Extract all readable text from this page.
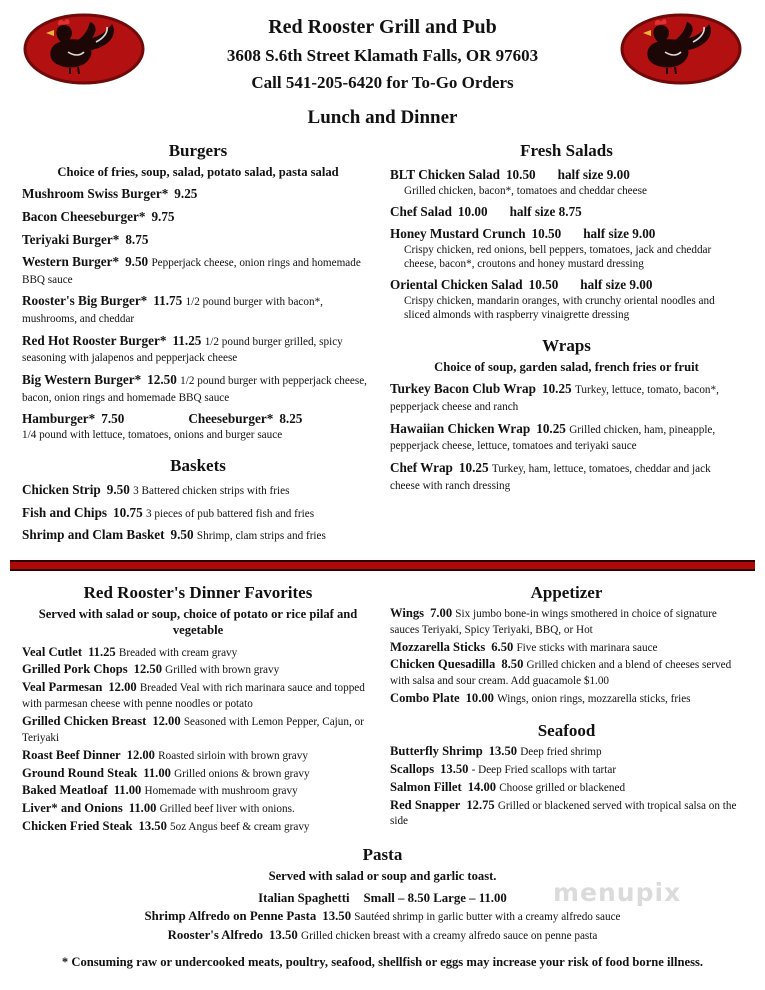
Red Rooster Grill and Pub
3608 S.6th Street Klamath Falls, OR 97603
Call 541-205-6420 for To-Go Orders
Lunch and Dinner
Burgers

Choice of fries, soup, salad, potato salad, pasta salad

Mushroom Swiss Burger* 9.25

Bacon Cheeseburger* 9.75

Teriyaki Burger* 8.75

Western Burger* 9.50 Pepperjack cheese, onion rings and homemade BBQ sauce

Rooster's Big Burger* 11.75 1/2 pound burger with bacon*, mushrooms, and cheddar

Red Hot Rooster Burger* 11.25 1/2 pound burger grilled, spicy seasoning with jalapenos and pepperjack cheese

Big Western Burger* 12.50 1/2 pound burger with pepperjack cheese, bacon, onion rings and homemade BBQ sauce

Hamburger* 7.50	Cheeseburger* 8.25
1/4 pound with lettuce, tomatoes, onions and burger sauce

Baskets

Chicken Strip 9.50 3 Battered chicken strips with fries

Fish and Chips 10.75 3 pieces of pub battered fish and fries

Shrimp and Clam Basket 9.50 Shrimp, clam strips and fries

Fresh Salads

BLT Chicken Salad 10.50 half size 9.00
Grilled chicken, bacon*, tomatoes and cheddar cheese

Chef Salad 10.00 half size 8.75

Honey Mustard Crunch 10.50 half size 9.00
Crispy chicken, red onions, bell peppers, tomatoes, jack and cheddar cheese, bacon*, croutons and honey mustard dressing

Oriental Chicken Salad 10.50 half size 9.00
Crispy chicken, mandarin oranges, with crunchy oriental noodles and sliced almonds with raspberry vinaigrette dressing

Wraps

Choice of soup, garden salad, french fries or fruit

Turkey Bacon Club Wrap 10.25 Turkey, lettuce, tomato, bacon*, pepperjack cheese and ranch

Hawaiian Chicken Wrap 10.25 Grilled chicken, ham, pineapple, pepperjack cheese, lettuce, tomatoes and teriyaki sauce

Chef Wrap 10.25 Turkey, ham, lettuce, tomatoes, cheddar and jack cheese with ranch dressing

Red Rooster's Dinner Favorites

Served with salad or soup, choice of potato or rice pilaf and vegetable

Veal Cutlet 11.25 Breaded with cream gravy

Grilled Pork Chops 12.50 Grilled with brown gravy

Veal Parmesan 12.00 Breaded Veal with rich marinara sauce and topped with parmesan cheese with penne noodles or potato

Grilled Chicken Breast 12.00 Seasoned with Lemon Pepper, Cajun, or Teriyaki

Roast Beef Dinner 12.00 Roasted sirloin with brown gravy

Ground Round Steak 11.00 Grilled onions & brown gravy

Baked Meatloaf 11.00 Homemade with mushroom gravy

Liver* and Onions 11.00 Grilled beef liver with onions.

Chicken Fried Steak 13.50 5oz Angus beef & cream gravy

Appetizer

Wings 7.00 Six jumbo bone-in wings smothered in choice of signature sauces Teriyaki, Spicy Teriyaki, BBQ, or Hot

Mozzarella Sticks 6.50 Five sticks with marinara sauce

Chicken Quesadilla 8.50 Grilled chicken and a blend of cheeses served with salsa and sour cream. Add guacamole $1.00

Combo Plate 10.00 Wings, onion rings, mozzarella sticks, fries

Seafood

Butterfly Shrimp 13.50 Deep fried shrimp

Scallops 13.50 - Deep Fried scallops with tartar

Salmon Fillet 14.00 Choose grilled or blackened

Red Snapper 12.75 Grilled or blackened served with tropical salsa on the side

Pasta

Served with salad or soup and garlic toast.

Italian Spaghetti Small – 8.50 Large – 11.00

Shrimp Alfredo on Penne Pasta 13.50 Sautéed shrimp in garlic butter with a creamy alfredo sauce

Rooster's Alfredo 13.50 Grilled chicken breast with a creamy alfredo sauce on penne pasta

* Consuming raw or undercooked meats, poultry, seafood, shellfish or eggs may increase your risk of food borne illness.

menupix
